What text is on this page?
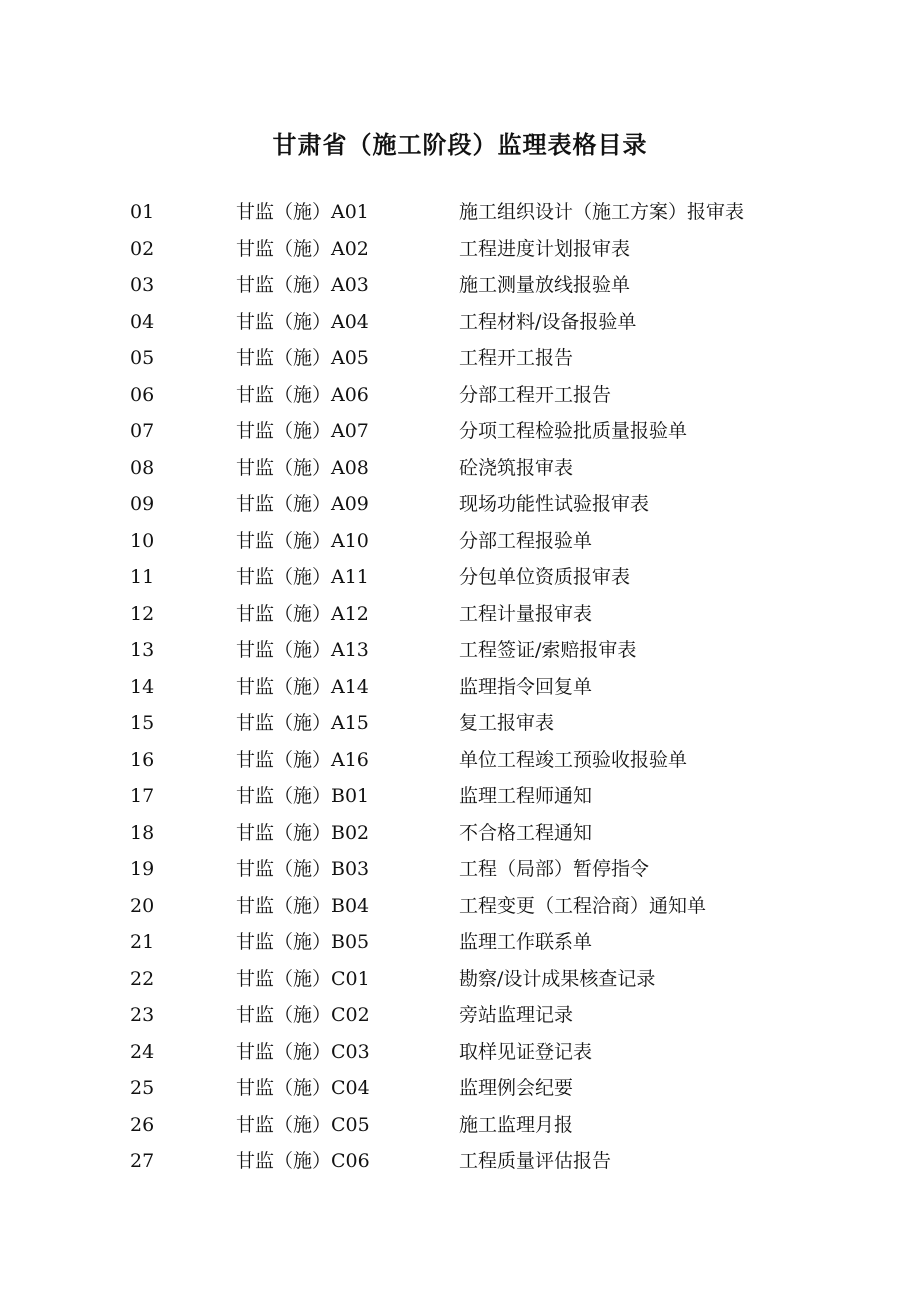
甘肃省（施工阶段）监理表格目录
01	甘监（施）A01	施工组织设计（施工方案）报审表
02	甘监（施）A02	工程进度计划报审表
03	甘监（施）A03	施工测量放线报验单
04	甘监（施）A04	工程材料/设备报验单
05	甘监（施）A05	工程开工报告
06	甘监（施）A06	分部工程开工报告
07	甘监（施）A07	分项工程检验批质量报验单
08	甘监（施）A08	砼浇筑报审表
09	甘监（施）A09	现场功能性试验报审表
10	甘监（施）A10	分部工程报验单
11	甘监（施）A11	分包单位资质报审表
12	甘监（施）A12	工程计量报审表
13	甘监（施）A13	工程签证/索赔报审表
14	甘监（施）A14	监理指令回复单
15	甘监（施）A15	复工报审表
16	甘监（施）A16	单位工程竣工预验收报验单
17	甘监（施）B01	监理工程师通知
18	甘监（施）B02	不合格工程通知
19	甘监（施）B03	工程（局部）暂停指令
20	甘监（施）B04	工程变更（工程洽商）通知单
21	甘监（施）B05	监理工作联系单
22	甘监（施）C01	勘察/设计成果核查记录
23	甘监（施）C02	旁站监理记录
24	甘监（施）C03	取样见证登记表
25	甘监（施）C04	监理例会纪要
26	甘监（施）C05	施工监理月报
27	甘监（施）C06	工程质量评估报告
